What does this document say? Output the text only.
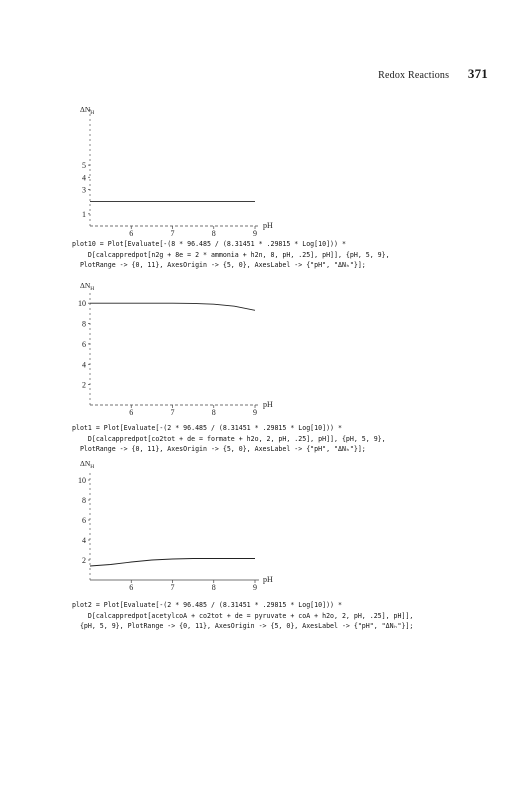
Redox Reactions 371
6	7	8	9
pH
1
3
4
5
$\Delta N_H$
6	7	8	9
pH
2
4
6
8
10
$\Delta N_H$
6	7	8	9
pH
2
4
6
8
10
$\Delta N_H$
plot10 = Plot[Evaluate[-(8 * 96.485 / (8.31451 * .29815 * Log[10])) *
D[calcappredpot[n2g + 8e = 2 * ammonia + h2n, 8, pH, .25], pH]], {pH, 5, 9},
PlotRange -> {0, 11}, AxesOrigin -> {5, 0}, AxesLabel -> {"pH", "ΔNₕ"}];
plot1 = Plot[Evaluate[-(2 * 96.485 / (8.31451 * .29815 * Log[10])) *
D[calcappredpot[co2tot + de = formate + h2o, 2, pH, .25], pH]], {pH, 5, 9},
PlotRange -> {0, 11}, AxesOrigin -> {5, 0}, AxesLabel -> {"pH", "ΔNₕ"}];
plot2 = Plot[Evaluate[-(2 * 96.485 / (8.31451 * .29815 * Log[10])) *
D[calcappredpot[acetylcoA + co2tot + de = pyruvate + coA + h2o, 2, pH, .25], pH]],
{pH, 5, 9}, PlotRange -> {0, 11}, AxesOrigin -> {5, 0}, AxesLabel -> {"pH", "ΔNₕ"}];
